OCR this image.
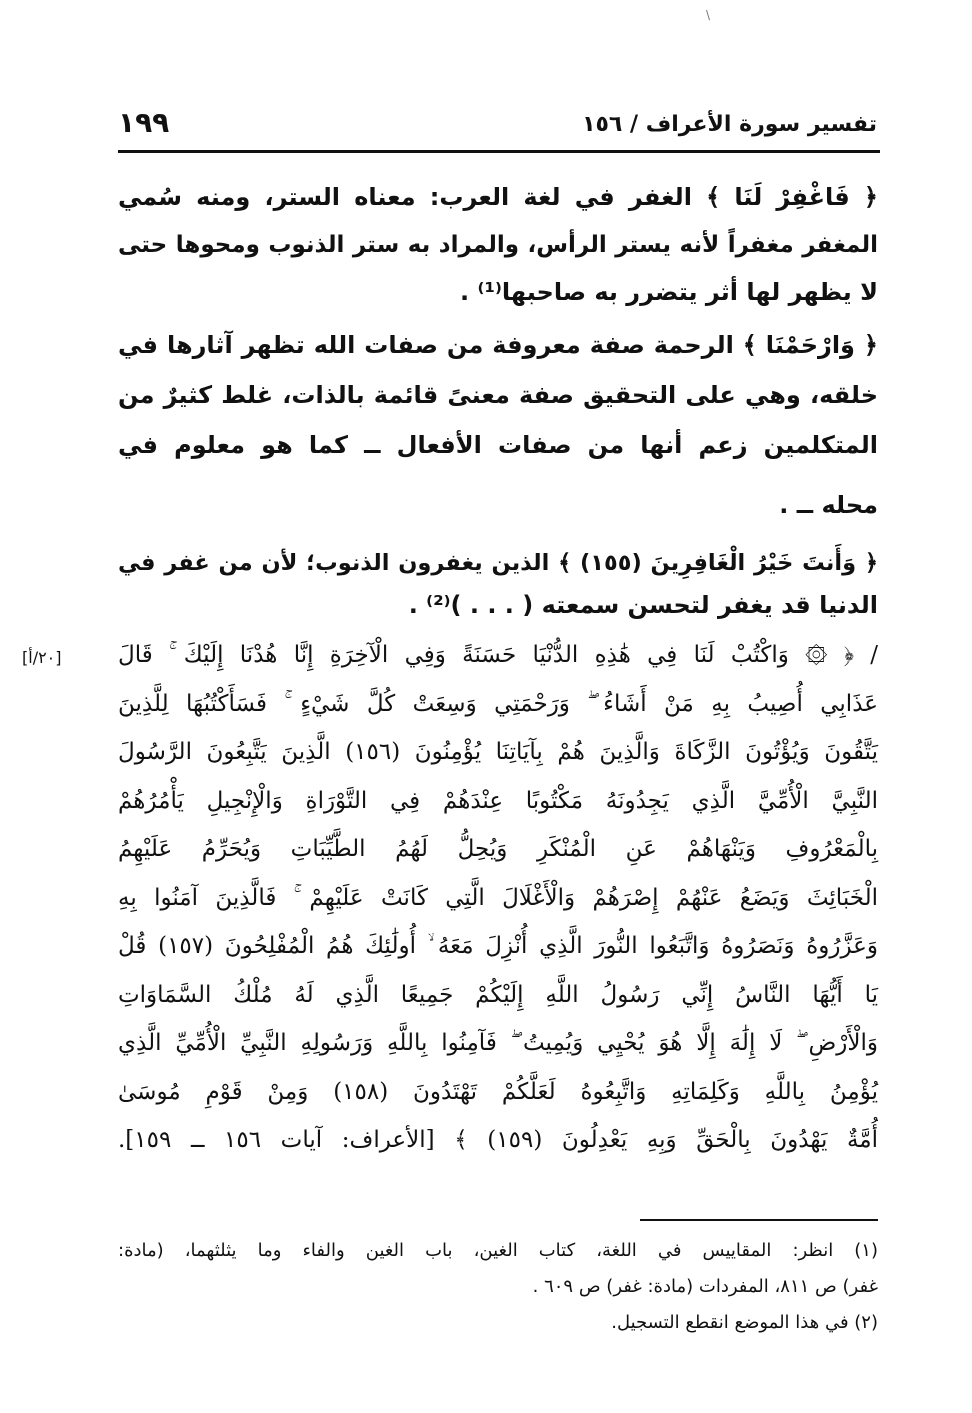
\
تفسير سورة الأعراف / ١٥٦
١٩٩
﴿ فَاغْفِرْ لَنَا ﴾ الغفر في لغة العرب: معناه الستر، ومنه سُمي
المغفر مغفراً لأنه يستر الرأس، والمراد به ستر الذنوب ومحوها حتى
لا يظهر لها أثر يتضرر به صاحبها⁽¹⁾ .
﴿ وَارْحَمْنَا ﴾ الرحمة صفة معروفة من صفات الله تظهر آثارها في
خلقه، وهي على التحقيق صفة معنىً قائمة بالذات، غلط كثيرٌ من
المتكلمين زعم أنها من صفات الأفعال ــ كما هو معلوم في
محله ــ .
﴿ وَأَنتَ خَيْرُ الْغَافِرِينَ (١٥٥) ﴾ الذين يغفرون الذنوب؛ لأن من غفر في
الدنيا قد يغفر لتحسن سمعته ( . . . )⁽²⁾ .
[٢٠/أ] / ﴿ ۞ وَاكْتُبْ لَنَا فِي هَٰذِهِ الدُّنْيَا حَسَنَةً وَفِي الْآخِرَةِ إِنَّا هُدْنَا إِلَيْكَ ۚ قَالَ
عَذَابِي أُصِيبُ بِهِ مَنْ أَشَاءُ ۖ وَرَحْمَتِي وَسِعَتْ كُلَّ شَيْءٍ ۚ فَسَأَكْتُبُهَا لِلَّذِينَ
يَتَّقُونَ وَيُؤْتُونَ الزَّكَاةَ وَالَّذِينَ هُمْ بِآيَاتِنَا يُؤْمِنُونَ (١٥٦) الَّذِينَ يَتَّبِعُونَ الرَّسُولَ
النَّبِيَّ الْأُمِّيَّ الَّذِي يَجِدُونَهُ مَكْتُوبًا عِنْدَهُمْ فِي التَّوْرَاةِ وَالْإِنْجِيلِ يَأْمُرُهُمْ
بِالْمَعْرُوفِ وَيَنْهَاهُمْ عَنِ الْمُنْكَرِ وَيُحِلُّ لَهُمُ الطَّيِّبَاتِ وَيُحَرِّمُ عَلَيْهِمُ
الْخَبَائِثَ وَيَضَعُ عَنْهُمْ إِصْرَهُمْ وَالْأَغْلَالَ الَّتِي كَانَتْ عَلَيْهِمْ ۚ فَالَّذِينَ آمَنُوا بِهِ
وَعَزَّرُوهُ وَنَصَرُوهُ وَاتَّبَعُوا النُّورَ الَّذِي أُنْزِلَ مَعَهُ ۙ أُولَٰئِكَ هُمُ الْمُفْلِحُونَ (١٥٧) قُلْ
يَا أَيُّهَا النَّاسُ إِنِّي رَسُولُ اللَّهِ إِلَيْكُمْ جَمِيعًا الَّذِي لَهُ مُلْكُ السَّمَاوَاتِ
وَالْأَرْضِ ۖ لَا إِلَٰهَ إِلَّا هُوَ يُحْيِي وَيُمِيتُ ۖ فَآمِنُوا بِاللَّهِ وَرَسُولِهِ النَّبِيِّ الْأُمِّيِّ الَّذِي
يُؤْمِنُ بِاللَّهِ وَكَلِمَاتِهِ وَاتَّبِعُوهُ لَعَلَّكُمْ تَهْتَدُونَ (١٥٨) وَمِنْ قَوْمِ مُوسَىٰ
أُمَّةٌ يَهْدُونَ بِالْحَقِّ وَبِهِ يَعْدِلُونَ (١٥٩) ﴾ [الأعراف: آيات ١٥٦ ــ ١٥٩].
(١) انظر: المقاييس في اللغة، كتاب الغين، باب الغين والفاء وما يثلثهما، (مادة:
غفر) ص ٨١١، المفردات (مادة: غفر) ص ٦٠٩ .
(٢) في هذا الموضع انقطع التسجيل.
